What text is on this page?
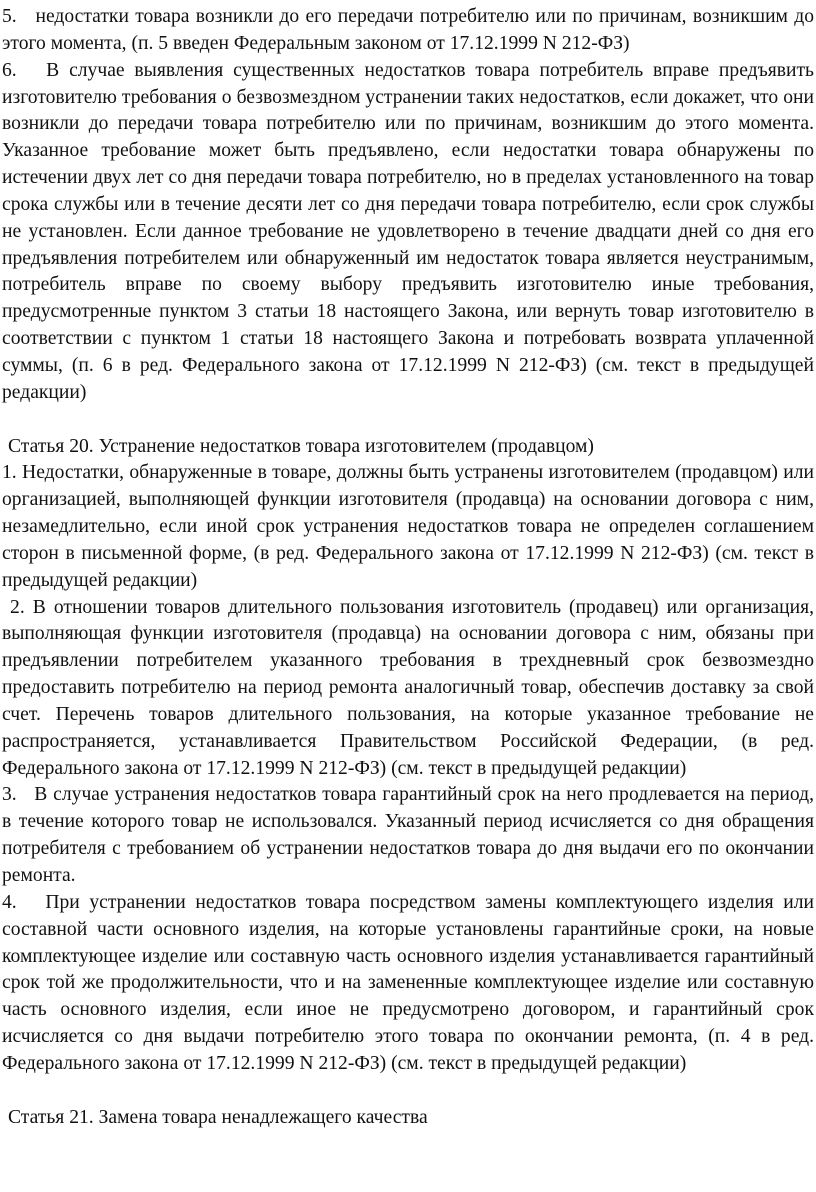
5.   недостатки товара возникли до его передачи потребителю или по причинам, возникшим до этого момента, (п. 5 введен Федеральным законом от 17.12.1999 N 212-ФЗ)

6.   В случае выявления существенных недостатков товара потребитель вправе предъявить изготовителю требования о безвозмездном устранении таких недостатков, если докажет, что они возникли до передачи товара потребителю или по причинам, возникшим до этого момента. Указанное требование может быть предъявлено, если недостатки товара обнаружены по истечении двух лет со дня передачи товара потребителю, но в пределах установленного на товар срока службы или в течение десяти лет со дня передачи товара потребителю, если срок службы не установлен. Если данное требование не удовлетворено в течение двадцати дней со дня его предъявления потребителем или обнаруженный им недостаток товара является неустранимым, потребитель вправе по своему выбору предъявить изготовителю иные требования, предусмотренные пунктом 3 статьи 18 настоящего Закона, или вернуть товар изготовителю в соответствии с пунктом 1 статьи 18 настоящего Закона и потребовать возврата уплаченной суммы, (п. 6 в ред. Федерального закона от 17.12.1999 N 212-ФЗ) (см. текст в предыдущей редакции)

Статья 20. Устранение недостатков товара изготовителем (продавцом)

1. Недостатки, обнаруженные в товаре, должны быть устранены изготовителем (продавцом) или организацией, выполняющей функции изготовителя (продавца) на основании договора с ним, незамедлительно, если иной срок устранения недостатков товара не определен соглашением сторон в письменной форме, (в ред. Федерального закона от 17.12.1999 N 212-ФЗ) (см. текст в предыдущей редакции)

2. В отношении товаров длительного пользования изготовитель (продавец) или организация, выполняющая функции изготовителя (продавца) на основании договора с ним, обязаны при предъявлении потребителем указанного требования в трехдневный срок безвозмездно предоставить потребителю на период ремонта аналогичный товар, обеспечив доставку за свой счет. Перечень товаров длительного пользования, на которые указанное требование не распространяется, устанавливается Правительством Российской Федерации, (в ред. Федерального закона от 17.12.1999 N 212-ФЗ) (см. текст в предыдущей редакции)

3.   В случае устранения недостатков товара гарантийный срок на него продлевается на период, в течение которого товар не использовался. Указанный период исчисляется со дня обращения потребителя с требованием об устранении недостатков товара до дня выдачи его по окончании ремонта.

4.   При устранении недостатков товара посредством замены комплектующего изделия или составной части основного изделия, на которые установлены гарантийные сроки, на новые комплектующее изделие или составную часть основного изделия устанавливается гарантийный срок той же продолжительности, что и на замененные комплектующее изделие или составную часть основного изделия, если иное не предусмотрено договором, и гарантийный срок исчисляется со дня выдачи потребителю этого товара по окончании ремонта, (п. 4 в ред. Федерального закона от 17.12.1999 N 212-ФЗ) (см. текст в предыдущей редакции)

Статья 21. Замена товара ненадлежащего качества
